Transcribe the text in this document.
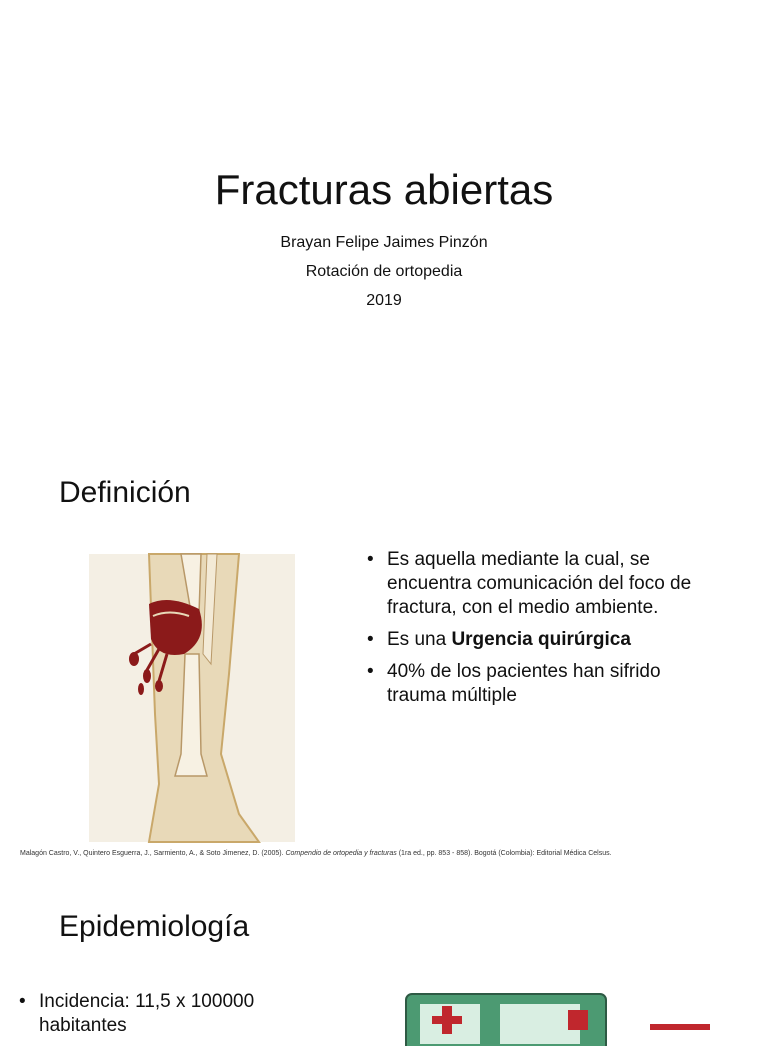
Fracturas abiertas
Brayan Felipe Jaimes Pinzón
Rotación de ortopedia
2019
Definición
• Es aquella mediante la cual, se encuentra comunicación del foco de fractura, con el medio ambiente.
• Es una Urgencia quirúrgica
• 40% de los pacientes han sifrido trauma múltiple
Malagón Castro, V., Quintero Esguerra, J., Sarmiento, A., & Soto Jimenez, D. (2005). Compendio de ortopedia y fracturas (1ra ed., pp. 853 - 858). Bogotá (Colombia): Editorial Médica Celsus.
Epidemiología
• Incidencia: 11,5 x 100000 habitantes
